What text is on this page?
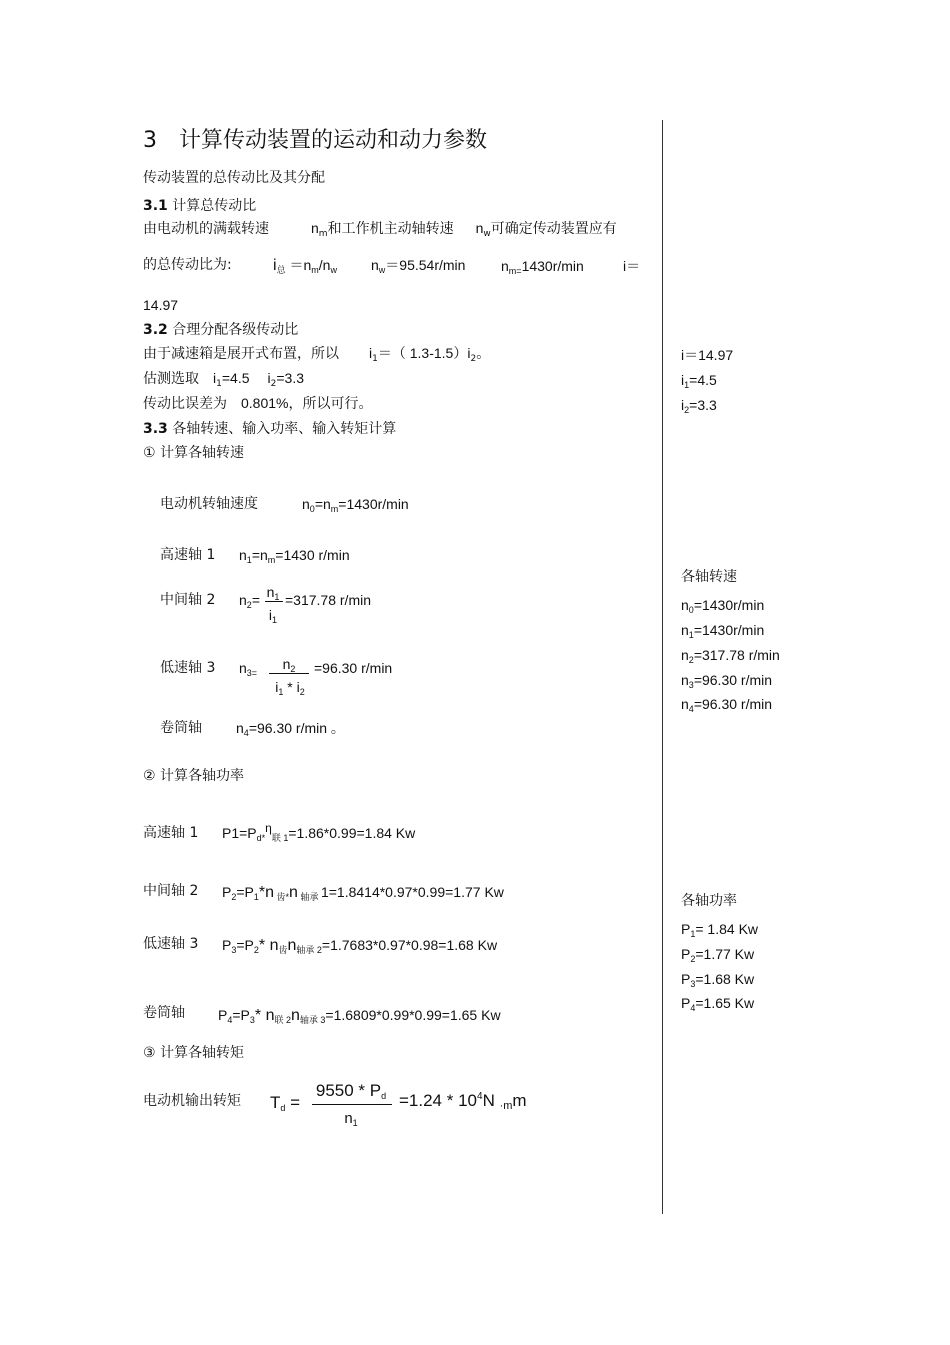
3　计算传动装置的运动和动力参数
传动装置的总传动比及其分配
3.1 计算总传动比
由电动机的满载转速	$n_m$和工作机主动轴转速 $n_w$可确定传动装置应有
的总传动比为:	$i_总 =n_m/n_w$ $n_w=95.54r/\min$	$n_{m=}1430r/\min$	i＝
14.97
3.2 合理分配各级传动比
由于减速箱是展开式布置，所以 $i_1=$（ $1.3-1.5)i_2$。
估测选取 $i_1=4.5$ $i_2=3.3$
传动比误差为 0.801%，所以可行。
3.3 各轴转速、输入功率、输入转矩计算
① 计算各轴转速
电动机转轴速度	$n_0=n_m=1430r/\min$
高速轴 1 $n_1=n_m=1430$ r/min
中间轴 2 $n_2= n_1$
$i_1$
=317.78 r/min
低速轴 3 $n_{3=}$
$n_2$
$i_1 * i_2$
=96.30 r/min
卷筒轴 $n_4=96.30$ r/min 。
② 计算各轴功率
高速轴 1 $P1=P_{d*}\eta_{联 1}=1.86*0.99=1.84$ Kw
中间轴 2 $P_2=P_1*n$ $_{齿*}$n $_{轴承}$ 1=1.8414*0.97*0.99=1.77 Kw
低速轴 3 $P_3=P_2*$ $n_齿n_{轴承 2}=1.7683*0.97*0.98=1.68$ Kw
卷筒轴 $P_4=P_3*$ $n_{联 2}n_{轴承 3}=1.6809*0.99*0.99=1.65$ Kw
③ 计算各轴转矩
电动机输出转矩 Td =
9550 * Pd
$n_1$
$=1.24 * 10^4N \cdot mm$
i＝14.97
$i_1=4.5$
$i_2=3.3$
各轴转速
$n_0=1430r/\min$
$n_1=1430r/\min$
$n_2=317.78$ r/min
$n_3=96.30$ r/min
$n_4=96.30$ r/min
各轴功率
$P_1= 1.84$ Kw
$P_2=1.77$ Kw
$P_3=1.68$ Kw
$P_4=1.65$ Kw
